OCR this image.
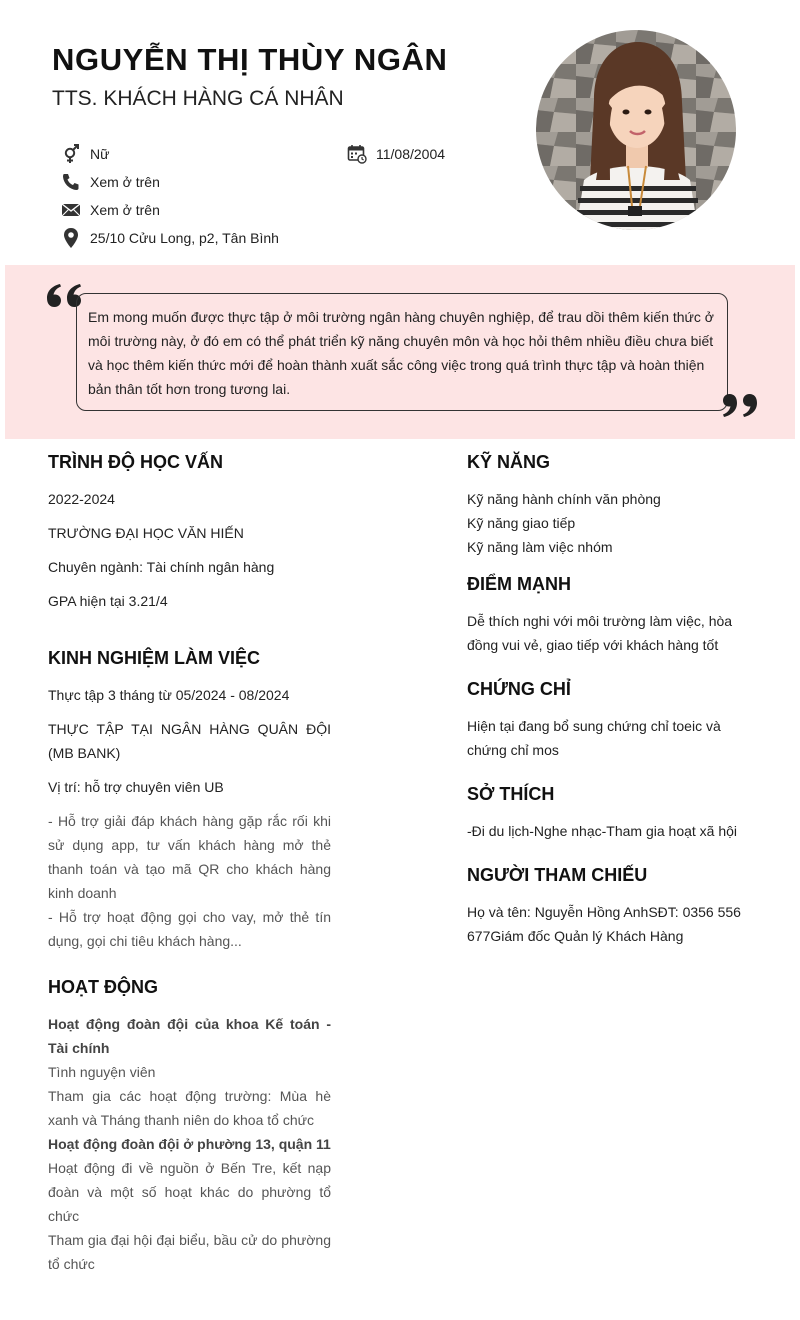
NGUYỄN THỊ THÙY NGÂN
TTS. KHÁCH HÀNG CÁ NHÂN
Nữ	11/08/2004
Xem ở trên
Xem ở trên
25/10 Cửu Long, p2, Tân Bình
Em mong muốn được thực tập ở môi trường ngân hàng chuyên nghiệp, để trau dồi thêm kiến thức ở môi trường này, ở đó em có thể phát triển kỹ năng chuyên môn và học hỏi thêm nhiều điều chưa biết và học thêm kiến thức mới để hoàn thành xuất sắc công việc trong quá trình thực tập và hoàn thiện bản thân tốt hơn trong tương lai.
TRÌNH ĐỘ HỌC VẤN
2022-2024
TRƯỜNG ĐẠI HỌC VĂN HIẾN
Chuyên ngành: Tài chính ngân hàng
GPA hiện tại 3.21/4
KINH NGHIỆM LÀM VIỆC
Thực tập 3 tháng từ 05/2024 - 08/2024
THỰC TẬP TẠI NGÂN HÀNG QUÂN ĐỘI (MB BANK)
Vị trí: hỗ trợ chuyên viên UB
- Hỗ trợ giải đáp khách hàng gặp rắc rối khi sử dụng app, tư vấn khách hàng mở thẻ thanh toán và tạo mã QR cho khách hàng kinh doanh
- Hỗ trợ hoạt động gọi cho vay, mở thẻ tín dụng, gọi chi tiêu khách hàng...
HOẠT ĐỘNG
Hoạt động đoàn đội của khoa Kế toán - Tài chính
Tình nguyện viên
Tham gia các hoạt động trường: Mùa hè xanh và Tháng thanh niên do khoa tổ chức
Hoạt động đoàn đội ở phường 13, quận 11
Hoạt động đi về nguồn ở Bến Tre, kết nạp đoàn và một số hoạt khác do phường tổ chức
Tham gia đại hội đại biểu, bầu cử do phường tổ chức
KỸ NĂNG
Kỹ năng hành chính văn phòng
Kỹ năng giao tiếp
Kỹ năng làm việc nhóm
ĐIỂM MẠNH
Dễ thích nghi với môi trường làm việc, hòa đồng vui vẻ, giao tiếp với khách hàng tốt
CHỨNG CHỈ
Hiện tại đang bổ sung chứng chỉ toeic và chứng chỉ mos
SỞ THÍCH
-Đi du lịch-Nghe nhạc-Tham gia hoạt xã hội
NGƯỜI THAM CHIẾU
Họ và tên: Nguyễn Hồng AnhSĐT: 0356 556 677Giám đốc Quản lý Khách Hàng
